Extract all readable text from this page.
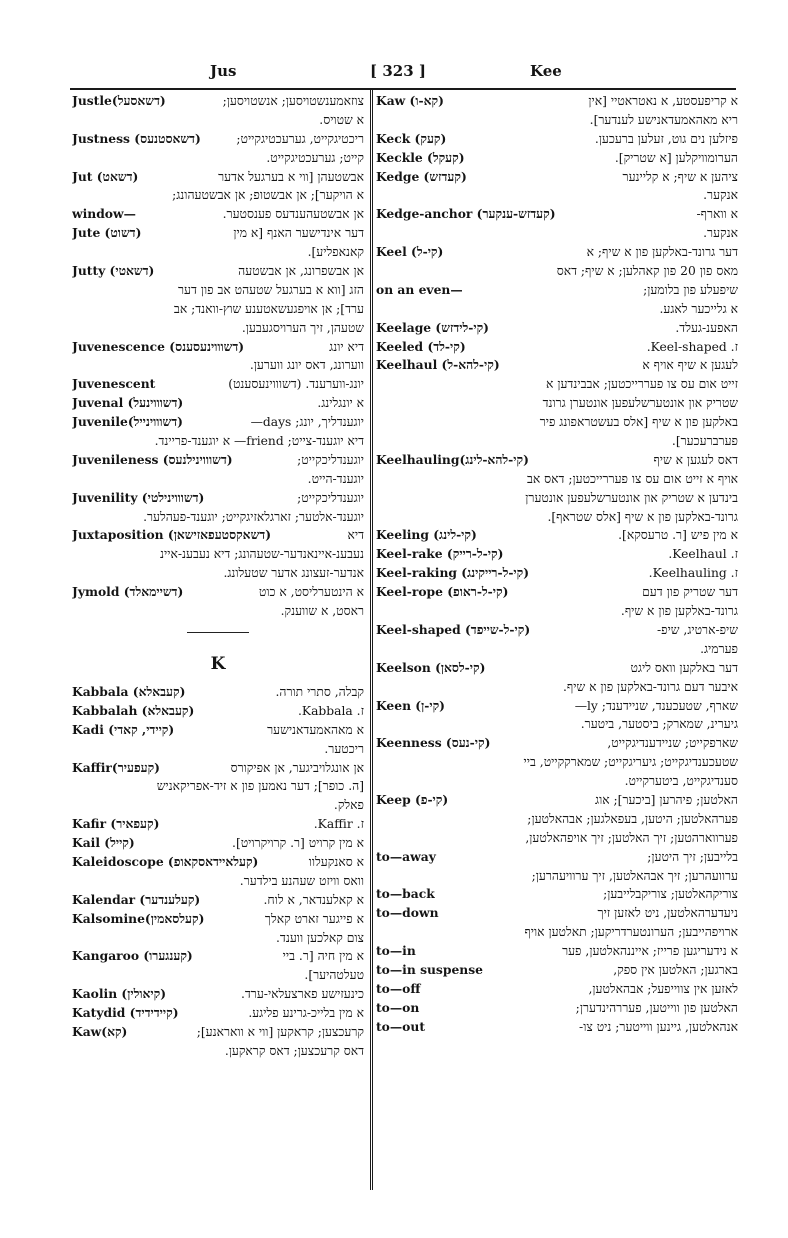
Jus	[ 323 ]	Kee
Justle(דשאסעל)	צוזאמענשטויסען; אנשטויסען;
א שטויס.
Justness (דשאסטנעס)	ריכטיגקייט, גערעכטיגקייט;
קייט; גערעכטיגקייט.
Jut (דשאט)	אבשטעהן [ווי א בערגעל אדער
א הויקער]; אן אבשטופ; אן אבשטעהונג;
window—	אן אבשטעהענדעס פענסטער.
Jute (דשוט)	דער אינדישער האנף [א מין
קאנאפליע].
Jutty (דשאטי)	אן אבשפרונג, אן אבשטעה
הזג [ווא א בערגעל שטעהט אב פון דער
ערד]; אן אויפגעשאטענע שוץ-וואנד; אב
שטעהן, זיך הערויסגעבען.
Juvenescence (דשוווינעסענס)	דיא יונג
ווערונג, דאס יונג ווערען.
Juvenescent	יונג-ווערענד. (דשוווינעסענט)
Juvenal (דשוווינעל)	א יונגלינג.
Juvenile(דשוווינייל)	יוגענדליך, יונג; days—
דיא יוגענד-צייט; friend— א יוגענד-פריינד.
Juvenileness (דשוווינילנעס)	יוגענדליכקייט;
יוגענד-הייט.
Juvenility (דשוווינילטי)	יוגענדליכקייט;
יוגענד-אלטער; זארגלאזיגקייט; יוגענד-פעהלער.
Juxtaposition (דשאקסטעפאזישאן)	דיא
נעבענ-איינאנדער-שטעהונג; דיא נעבענ-איינ
אנדער-זעצונג אדער שטעלונג.
Jymold (דשיימאלד)	א הינטערליסט, א כוט
ראסט, א שווענק.
K
Kabbala (קעבאלא)	קבלה, סתרי תורה.
Kabbalah (קעבאלא)	ז. Kabbala.
Kadi (קיידי, קאדי)	א מאהאמעדאנישער
ריכטער.
Kaffir(קעפעיר)	אן אונגלויביגער, אן אפיקורס
[ה. כופר]; דער נאמען פון א זיד-אפריקאניש
פאלק.
Kafir (קעפאיר)	ז. Kaffir.
Kail (קייל)	א מין קרויט [ר. קרויקרויט].
Kaleidoscope (קעלאיידאסקאופ)	א סאנקעלוו
וואס וויזט שעהנע בילדער.
Kalendar (קעלענדער)	א קאלענדאר, א לוח.
Kalsomine(קעלסאמין)	א פייגער זארט קאלך
צום קאלכען ווענד.
Kangaroo (קענגערו)	א מין חיה [ר. ביי
טעלטהיער].
Kaolin (קיאולין)	כינעזישע פארצעלאי-ערד.
Katydid (קיידידיד)	א מין בלייכ-גרינע פליגע.
Kaw(קא)	קרעכצען; קראקען [ווי א וואראנע];
דאס קרעכצען; דאס קראקען.
Kaw (קא-ו)	א קריפעסטע, א נאטראטיי [אין
ריא מאהאמעדאנישע לענדער].
Keck (קעק)	פיזלען נים גוט, זעלען ברעכען.
Keckle (קעקל)	הערומוויקלען [א שטריק].
Kedge (קעדזש)	ציהען א שיף; א קליינער
אנקער.
Kedge-anchor (קעדזש-ענקער)	א ווארף-
אנקער.
Keel (קי-ל)	דער גרונד-באלקען פון א שיף; א
מאס פון 20 פון קאהלען; א שיף; דאס
on an even—	שיפעלע פון בלומען;
א גלייכער לאגע.
Keelage (קי-לידזש)	האפענ-געלד.
Keeled (קי-לד)	ז. Keel-shaped.
Keelhaul (קי-להא-ל)	לעגען א שיף אויף א
זייט אום עס צו פעררייכטען; אבבינדען א
שטריק און אונטערשלעפען אונטערן גרונד
באלקען פון א שיף [אלס בעשטראפונג פיר
פערברעכער].
Keelhauling(קי-להא-לינג)	דאס לעגען א שיף
אויף א זייט אום עס צו פעררייכטען; דאס אב
בינדען א שטריק און אונטערשלעפען אונטערן
גרונד-באלקען פון א שיף [אלס שטראף].
Keeling (קי-לינג)	א מין פיש [ר. טרעסקא].
Keel-rake (קי-ל-רייק)	ז. Keelhaul.
Keel-raking (קי-ל-רייקינג)	ז. Keelhauling.
Keel-rope (קי-ל-ראופ)	דער שטריק פון דעם
גרונד-באלקען פון א שיף.
Keel-shaped (קי-ל-שייפד)	שיפ-ארטיג, שיפ-
פערמיג.
Keelson (קי-לסאן)	דער באלקען וואס ליגט
איבער דעם גרונד-באלקען פון א שיף.
Keen (קי-ן)	שארף, שטעכענד, שניידענד; ly—
גיערינ, שמארק; ביסטער, ביטער.
Keenness (קי-נעס)	שארפקייט; שניידענדיגקייט,
שטעכענדיגקייט; גיעריגקייט; שמארקקייט, ביי
סענדיגקייט, ביטערקייט.
Keep (קי-פ)	האלטען; פיהרען [ביכער]; אוג
פערהאלטען; היטען, בעפאלגען; אבהאלטען;
פערווארהטען; זיך האלטען; זיך אויפהאלטען,
to—away	בלייבען; זיך היטען;
ערוועהרען; זיך אבהאלטען, זיך ערוויעהרען;
to—back	צוריקהאלטען; צוריקבלייבען;
to—down	ניעדערהאלטען, ניט לאזען זיך
ארויפהייבען; הערונטערדריקען; תאלטען אויף
to—in	א נידעריגען פרייז; אייננהאלטען, פער
to—in suspense	בארגען; האלטען אין ספק,
to—off	לאזען אין צווייפעל; אבהאלטען,
to—on	האלטען פון ווייטען, פעררהינדערן;
to—out	אנהאלטען, גיינען ווייטער; ניט צו-
